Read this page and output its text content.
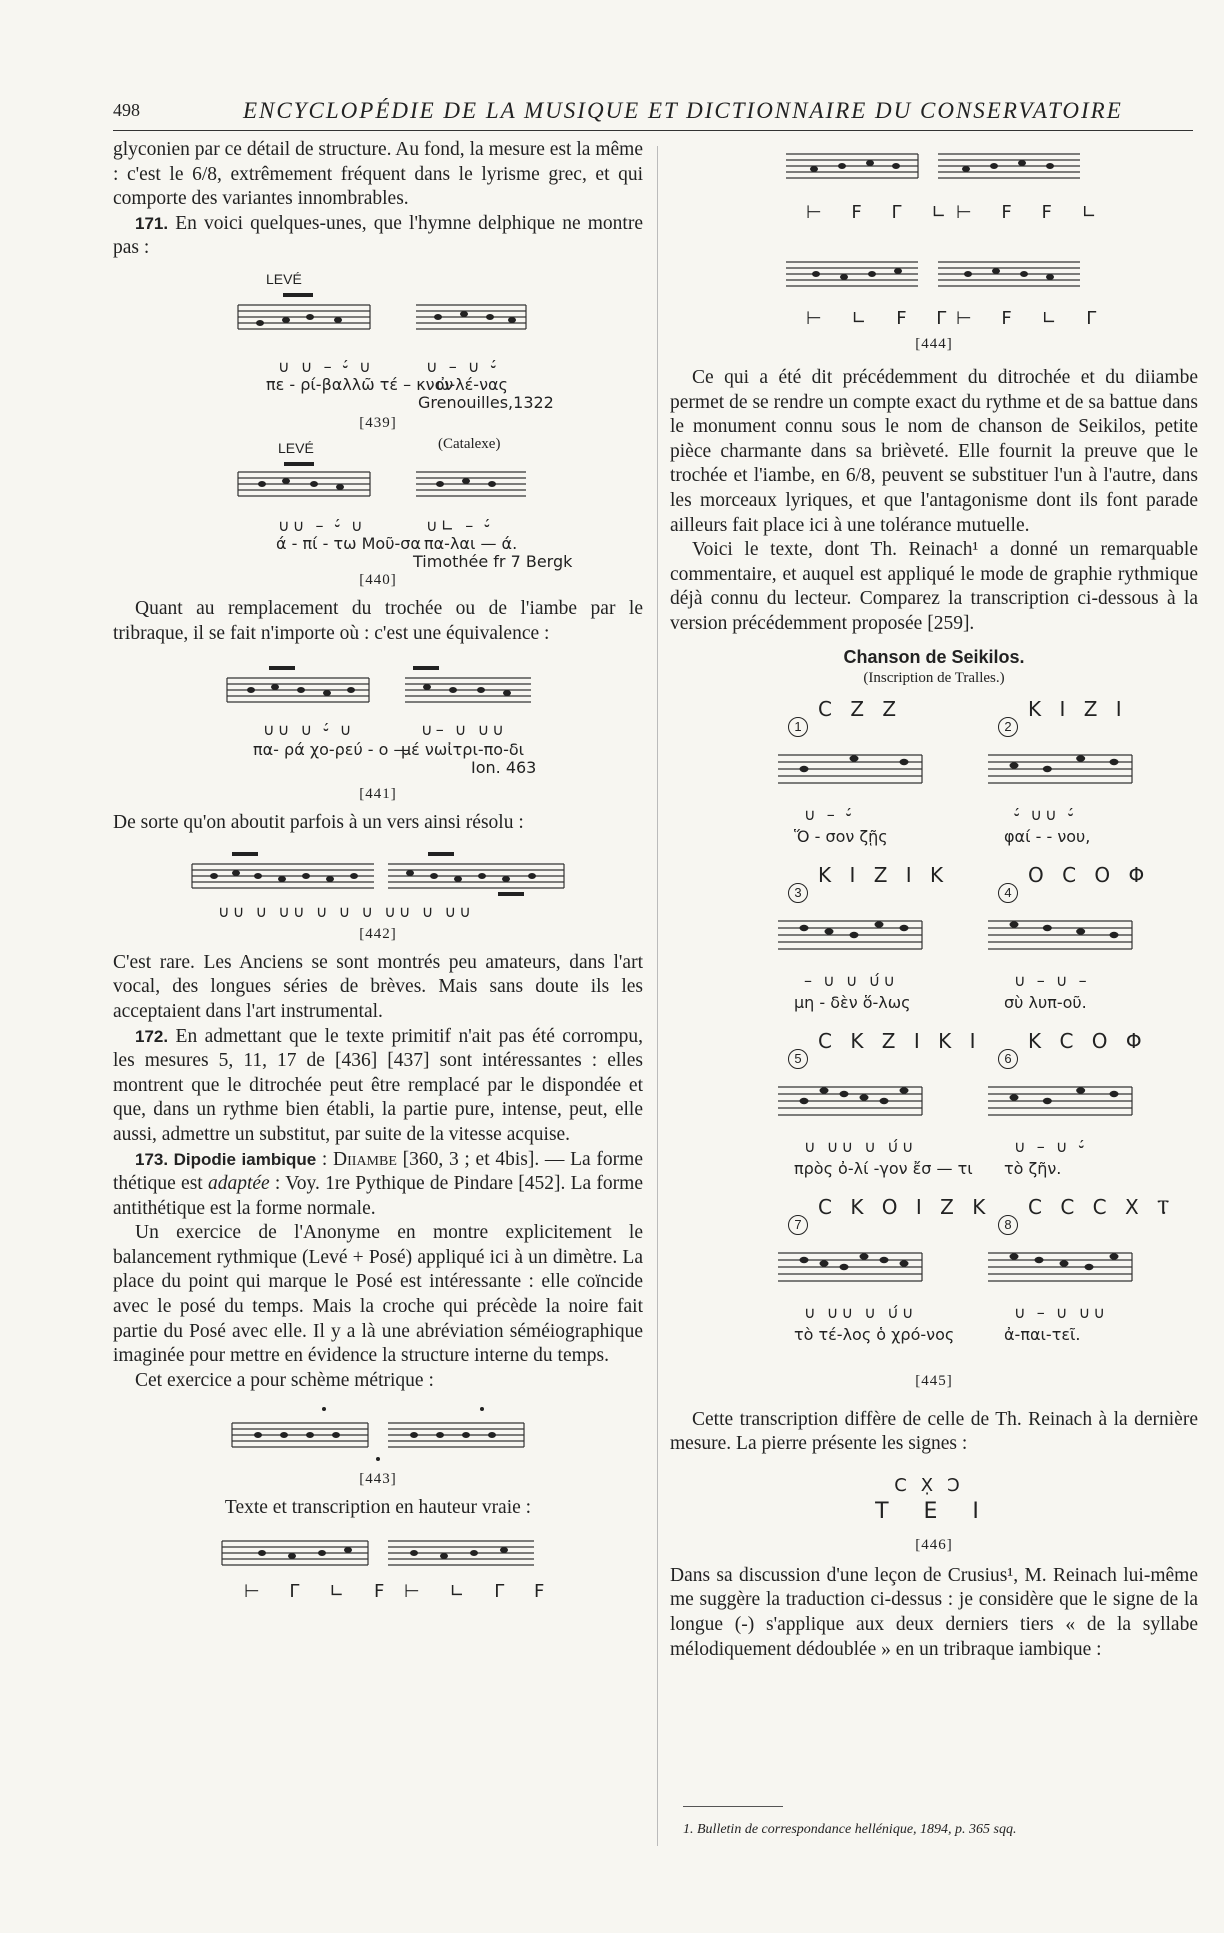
498	ENCYCLOPÉDIE DE LA MUSIQUE ET DICTIONNAIRE DU CONSERVATOIRE

glyconien par ce détail de structure. Au fond, la mesure est la même : c'est le 6/8, extrêmement fréquent dans le lyrisme grec, et qui comporte des variantes innombrables.

171. En voici quelques-unes, que l'hymne delphique ne montre pas :

LEVÉ
∪ ∪ – ⏑́ ∪	∪ – ∪ ⏑́
πε - ρί-βαλλῶ τέ – κνον
ὠ-λέ-νας
Grenouilles,1322
[439]
LEVÉ	(Catalexe)
∪∪ – ⏑́ ∪	∪∟ – ⏑́
ά - πί - τω Μοῦ-σα πα-λαι — ά.
Timothée fr 7 Bergk
[440]

Quant au remplacement du trochée ou de l'iambe par le tribraque, il se fait n'importe où : c'est une équivalence :

∪∪ ∪ ⏑́ ∪	∪– ∪ ∪∪
πα- ρά χο-ρεύ - ο —
μέ νωἰτρι-πο-δι
Ion. 463
[441]

De sorte qu'on aboutit parfois à un vers ainsi résolu :

∪∪ ∪ ∪∪ ∪ ∪ ∪ ∪∪ ∪ ∪∪
[442]

C'est rare. Les Anciens se sont montrés peu amateurs, dans l'art vocal, des longues séries de brèves. Mais sans doute ils les acceptaient dans l'art instrumental.

172. En admettant que le texte primitif n'ait pas été corrompu, les mesures 5, 11, 17 de [436] [437] sont intéressantes : elles montrent que le ditrochée peut être remplacé par le dispondée et que, dans un rythme bien établi, la partie pure, intense, peut, elle aussi, admettre un substitut, par suite de la vitesse acquise.

173. Dipodie iambique : Diiambe [360, 3 ; et 4bis]. — La forme thétique est adaptée : Voy. 1re Pythique de Pindare [452]. La forme antithétique est la forme normale.

Un exercice de l'Anonyme en montre explicitement le balancement rythmique (Levé + Posé) appliqué ici à un dimètre. La place du point qui marque le Posé est intéressante : elle coïncide avec le posé du temps. Mais la croche qui précède la noire fait partie du Posé avec elle. Il y a là une abréviation séméiographique imaginée pour mettre en évidence la structure interne du temps.

Cet exercice a pour schème métrique :

[443]

Texte et transcription en hauteur vraie :

⊢ Γ ∟ F ⊢ ∟ Γ F
⊢ F Γ ∟
⊢ F F ∟
⊢ ∟ F Γ
⊢ F ∟ Γ
[444]

Ce qui a été dit précédemment du ditrochée et du diiambe permet de se rendre un compte exact du rythme et de sa battue dans le monument connu sous le nom de chanson de Seikilos, petite pièce charmante dans sa brièveté. Elle fournit la preuve que le trochée et l'iambe, en 6/8, peuvent se substituer l'un à l'autre, dans les morceaux lyriques, et que l'antagonisme dont ils font parade ailleurs fait place ici à une tolérance mutuelle.

Voici le texte, dont Th. Reinach¹ a donné un remarquable commentaire, et auquel est appliqué le mode de graphie rythmique déjà connu du lecteur. Comparez la transcription ci-dessous à la version précédemment proposée [259].

Chanson de Seikilos.
(Inscription de Tralles.)
C Z Z
1
∪ – ⏑́
Ὅ - σον ζῇς
K I Z I
2
⏑́ ∪∪ ⏑́
φαί - - νου,
K I Z I K
3
– ∪ ∪ ∪́∪
μη - δὲν ὅ-λως
O C O Φ
4
∪ – ∪ –
σὺ λυπ-οῦ.
C K Z I K I
5
∪ ∪∪ ∪ ∪́∪
πρὸς ὀ-λί -γον ἔσ — τι
K C O Φ
6
∪ – ∪ ⏑́
τὸ ζῆν.
C K O I Z K
7
∪ ∪∪ ∪ ∪́∪
τὸ τέ-λος ὁ χρό-νος
C C C X Ⲧ
8
∪ – ∪ ∪∪
ἀ-παι-τεῖ.
[445]

Cette transcription diffère de celle de Th. Reinach à la dernière mesure. La pierre présente les signes :

CX̣Ɔ
T E I
[446]

Dans sa discussion d'une leçon de Crusius¹, M. Reinach lui-même me suggère la traduction ci-dessus : je considère que le signe de la longue (-) s'applique aux deux derniers tiers « de la syllabe mélodiquement dédoublée » en un tribraque iambique :

1. Bulletin de correspondance hellénique, 1894, p. 365 sqq.
